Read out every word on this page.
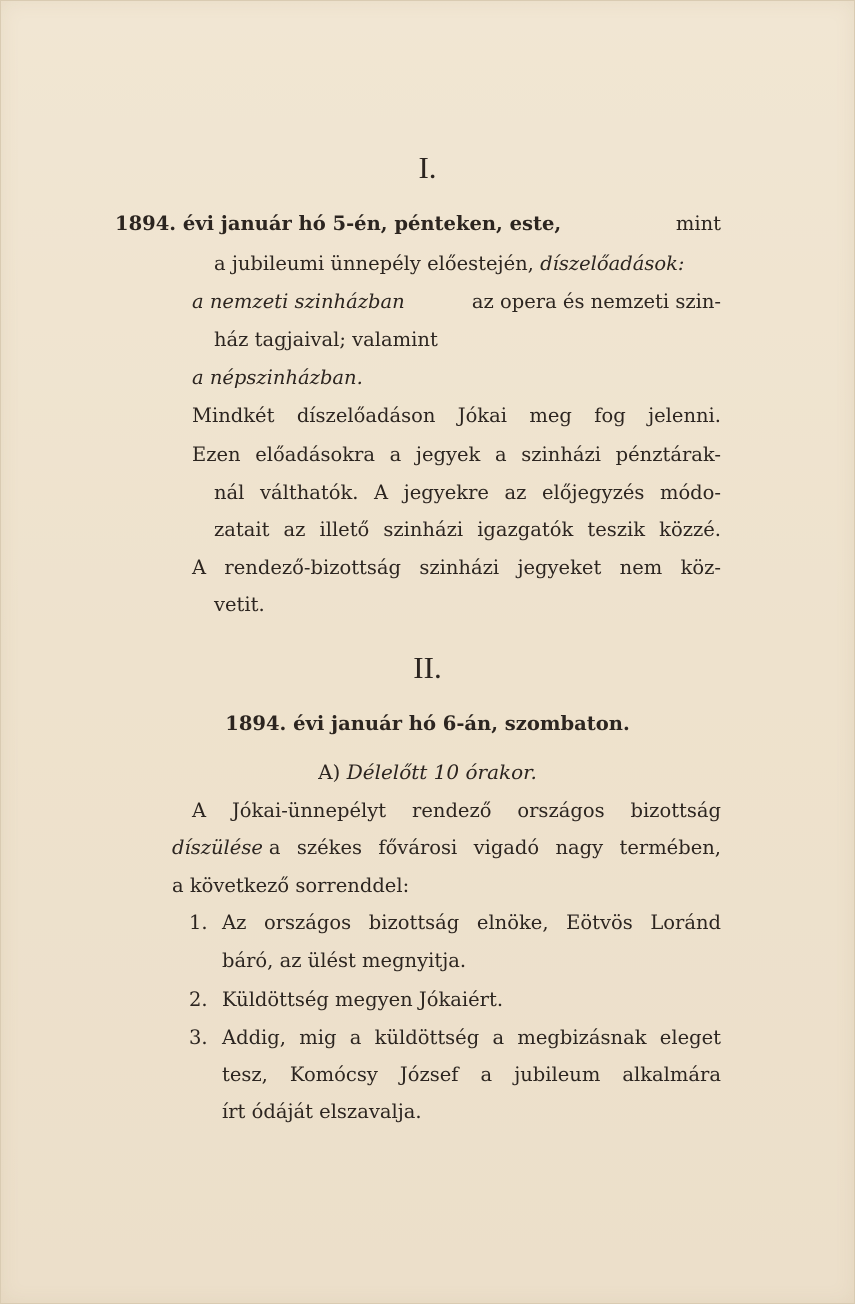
I.
1894. évi január hó 5-én, pénteken, este,	mint
a jubileumi ünnepély előestején, díszelőadások:
a nemzeti szinházban	az opera és nemzeti szin-
ház tagjaival; valamint
a népszinházban.
Mindkét díszelőadáson Jókai meg fog jelenni.
Ezen előadásokra a jegyek a szinházi pénztárak-
nál válthatók. A jegyekre az előjegyzés módo-
zatait az illető szinházi igazgatók teszik közzé.
A rendező-bizottság szinházi jegyeket nem köz-
vetit.
II.
1894. évi január hó 6-án, szombaton.
A) Délelőtt 10 órakor.
A Jókai-ünnepélyt rendező országos bizottság
díszülése a székes fővárosi vigadó nagy termében,
a következő sorrenddel:
1. Az országos bizottság elnöke, Eötvös Loránd
báró, az ülést megnyitja.
2. Küldöttség megyen Jókaiért.
3. Addig, mig a küldöttség a megbizásnak eleget
tesz, Komócsy József a jubileum alkalmára
írt ódáját elszavalja.
